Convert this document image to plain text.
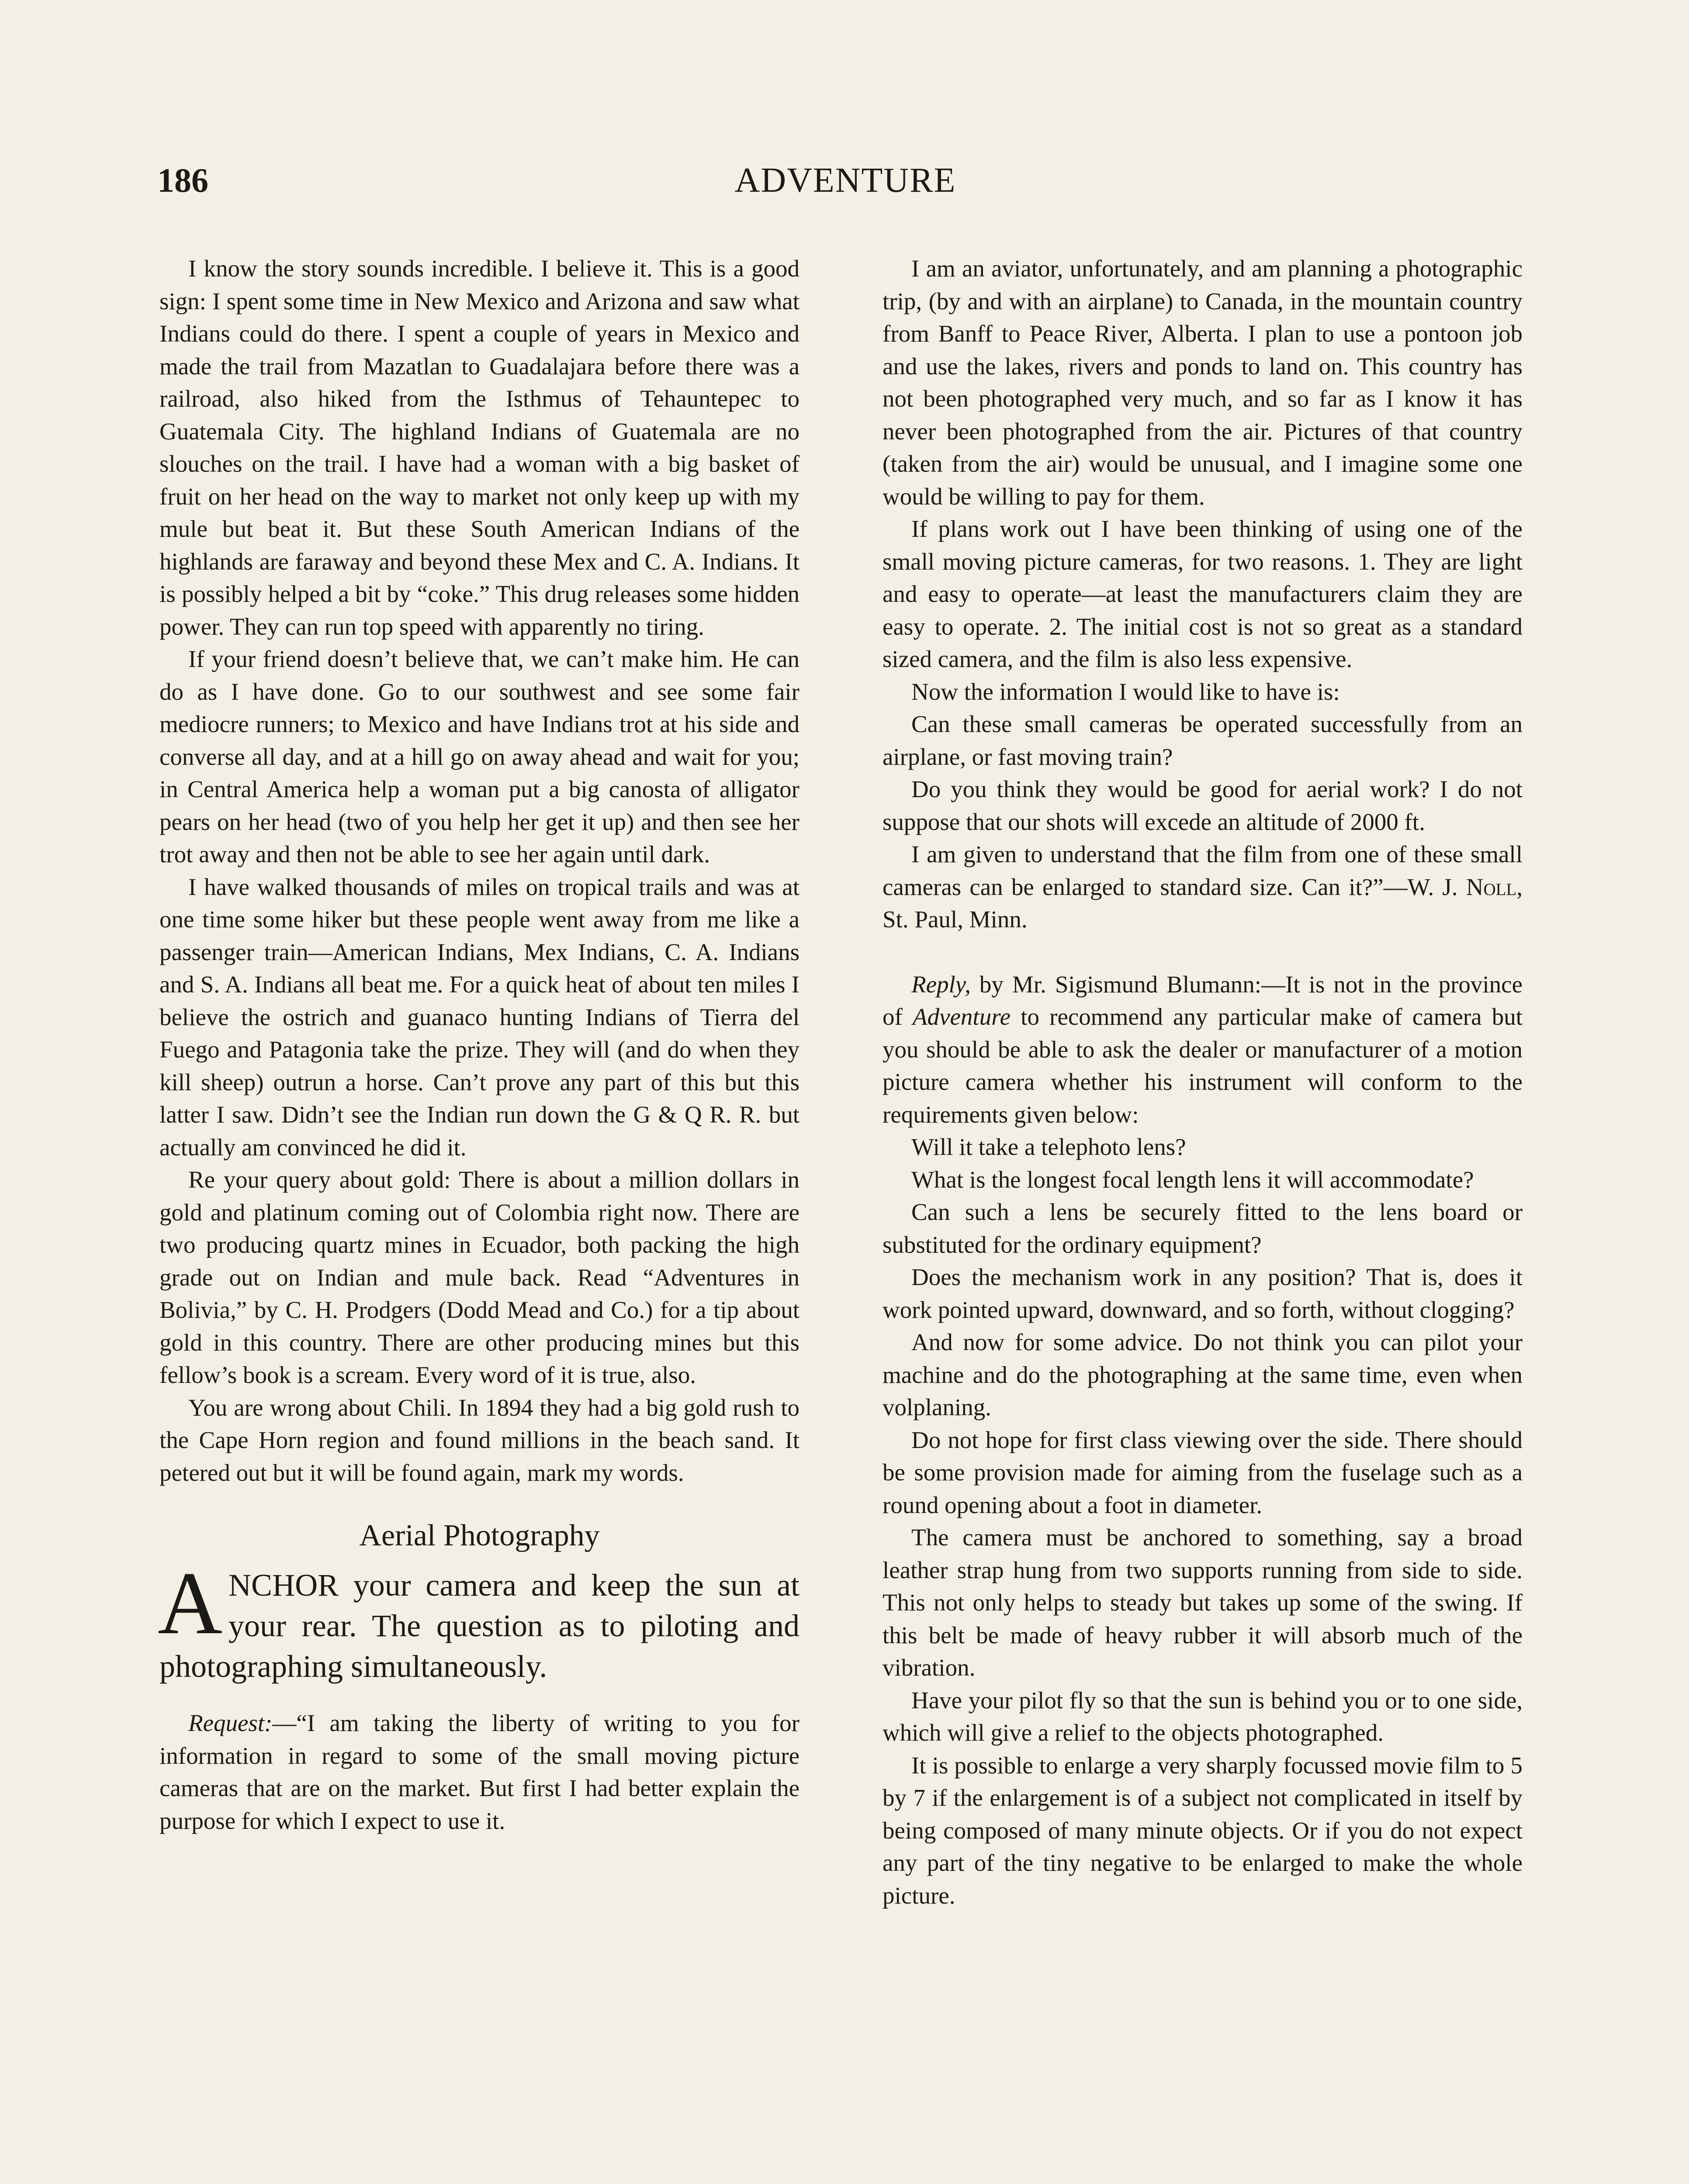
186	ADVENTURE

I know the story sounds incredible. I believe it. This is a good sign: I spent some time in New Mexico and Arizona and saw what Indians could do there. I spent a couple of years in Mexico and made the trail from Mazatlan to Guadalajara before there was a railroad, also hiked from the Isthmus of Tehauntepec to Guatemala City. The highland Indians of Guatemala are no slouches on the trail. I have had a woman with a big basket of fruit on her head on the way to market not only keep up with my mule but beat it. But these South American Indians of the highlands are faraway and beyond these Mex and C. A. Indians. It is possibly helped a bit by “coke.” This drug releases some hidden power. They can run top speed with apparently no tiring.

If your friend doesn’t believe that, we can’t make him. He can do as I have done. Go to our southwest and see some fair mediocre runners; to Mexico and have Indians trot at his side and converse all day, and at a hill go on away ahead and wait for you; in Central America help a woman put a big canosta of alligator pears on her head (two of you help her get it up) and then see her trot away and then not be able to see her again until dark.

I have walked thousands of miles on tropical trails and was at one time some hiker but these people went away from me like a passenger train—American Indians, Mex Indians, C. A. Indians and S. A. Indians all beat me. For a quick heat of about ten miles I believe the ostrich and guanaco hunting Indians of Tierra del Fuego and Patagonia take the prize. They will (and do when they kill sheep) outrun a horse. Can’t prove any part of this but this latter I saw. Didn’t see the Indian run down the G & Q R. R. but actually am convinced he did it.

Re your query about gold: There is about a million dollars in gold and platinum coming out of Colombia right now. There are two producing quartz mines in Ecuador, both packing the high grade out on Indian and mule back. Read “Adventures in Bolivia,” by C. H. Prodgers (Dodd Mead and Co.) for a tip about gold in this country. There are other producing mines but this fellow’s book is a scream. Every word of it is true, also.

You are wrong about Chili. In 1894 they had a big gold rush to the Cape Horn region and found millions in the beach sand. It petered out but it will be found again, mark my words.

Aerial Photography
ANCHOR your camera and keep the sun at your rear. The question as to piloting and photographing simultaneously.

Request:—“I am taking the liberty of writing to you for information in regard to some of the small moving picture cameras that are on the market. But first I had better explain the purpose for which I expect to use it.

I am an aviator, unfortunately, and am planning a photographic trip, (by and with an airplane) to Canada, in the mountain country from Banff to Peace River, Alberta. I plan to use a pontoon job and use the lakes, rivers and ponds to land on. This country has not been photographed very much, and so far as I know it has never been photographed from the air. Pictures of that country (taken from the air) would be unusual, and I imagine some one would be willing to pay for them.

If plans work out I have been thinking of using one of the small moving picture cameras, for two reasons. 1. They are light and easy to operate—at least the manufacturers claim they are easy to operate. 2. The initial cost is not so great as a standard sized camera, and the film is also less expensive.

Now the information I would like to have is:

Can these small cameras be operated successfully from an airplane, or fast moving train?

Do you think they would be good for aerial work? I do not suppose that our shots will excede an altitude of 2000 ft.

I am given to understand that the film from one of these small cameras can be enlarged to standard size. Can it?”—W. J. Noll, St. Paul, Minn.

Reply, by Mr. Sigismund Blumann:—It is not in the province of Adventure to recommend any particular make of camera but you should be able to ask the dealer or manufacturer of a motion picture camera whether his instrument will conform to the requirements given below:

Will it take a telephoto lens?

What is the longest focal length lens it will accommodate?

Can such a lens be securely fitted to the lens board or substituted for the ordinary equipment?

Does the mechanism work in any position? That is, does it work pointed upward, downward, and so forth, without clogging?

And now for some advice. Do not think you can pilot your machine and do the photographing at the same time, even when volplaning.

Do not hope for first class viewing over the side. There should be some provision made for aiming from the fuselage such as a round opening about a foot in diameter.

The camera must be anchored to something, say a broad leather strap hung from two supports running from side to side. This not only helps to steady but takes up some of the swing. If this belt be made of heavy rubber it will absorb much of the vibration.

Have your pilot fly so that the sun is behind you or to one side, which will give a relief to the objects photographed.

It is possible to enlarge a very sharply focussed movie film to 5 by 7 if the enlargement is of a subject not complicated in itself by being composed of many minute objects. Or if you do not expect any part of the tiny negative to be enlarged to make the whole picture.
